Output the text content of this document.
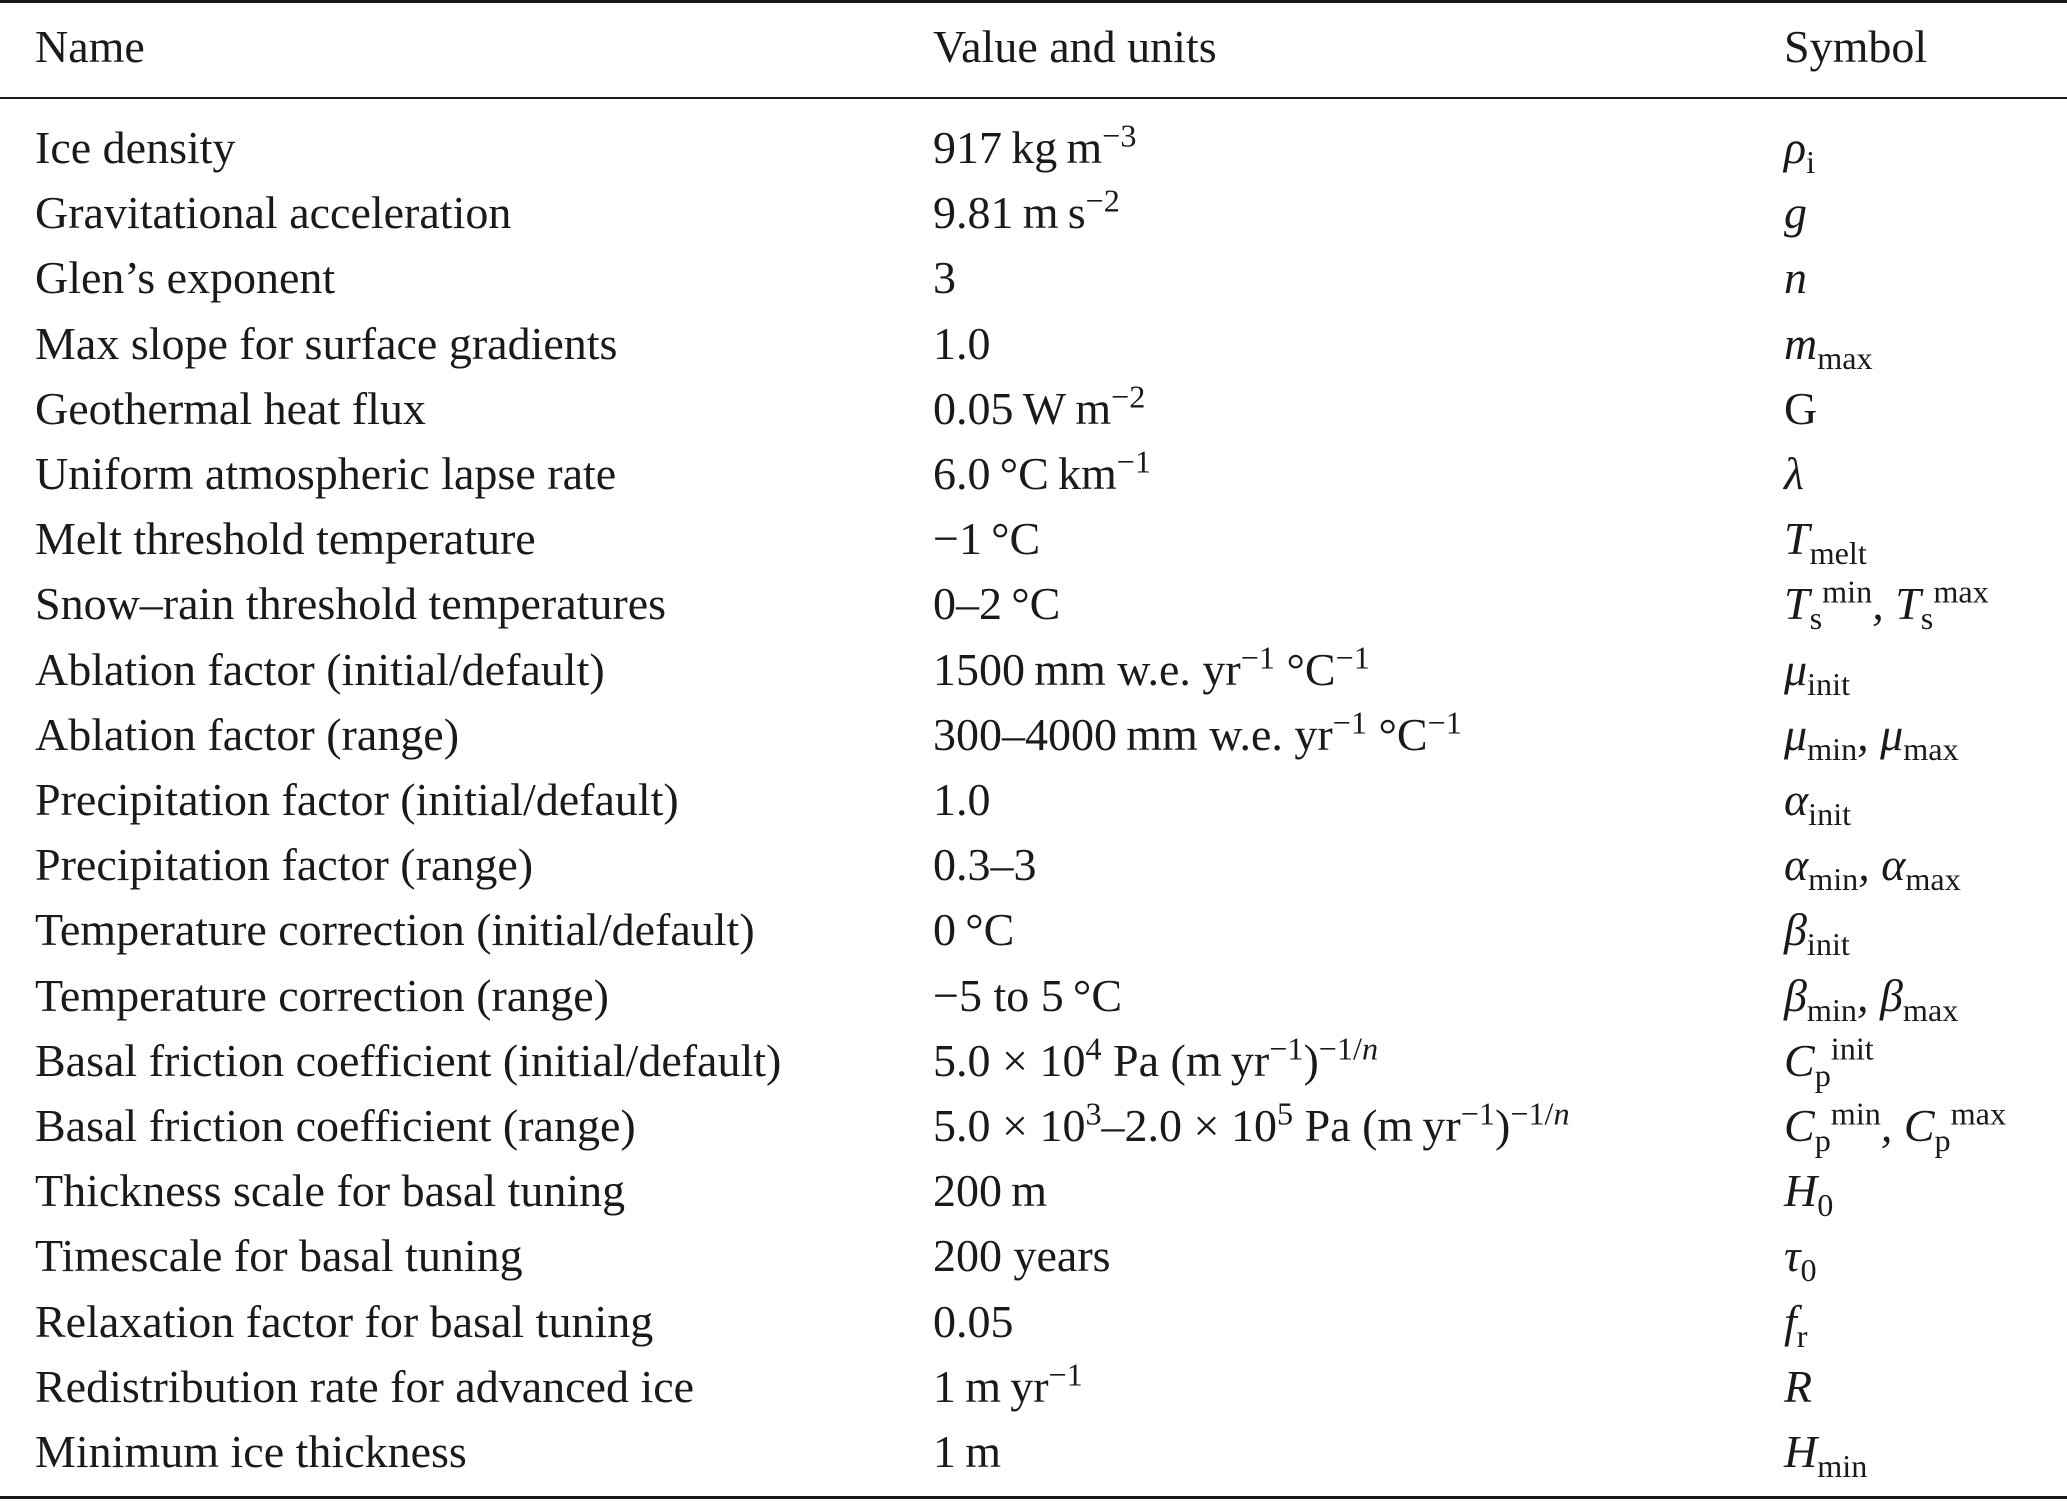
Name	Value and units	Symbol
Ice density	917 kg $m^{-3}$	$\rho_i$
Gravitational acceleration	9.81 m $s^{-2}$	g
Glen’s exponent	3	n
Max slope for surface gradients	1.0	$m_{max}$
Geothermal heat flux	0.05 W $m^{-2}$	G
Uniform atmospheric lapse rate	6.0 °C $km^{-1}$	λ
Melt threshold temperature	−1 °C	$T_{melt}$
Snow–rain threshold temperatures	0–2 °C	$T_s^{min}$, $T_s^{max}$
Ablation factor (initial/default)	1500 mm w.e. $yr^{-1}$ $^\circ C^{-1}$	$\mu_{init}$
Ablation factor (range)	300–4000 mm w.e. $yr^{-1}$ $^\circ C^{-1}$	$\mu_{min}$, $\mu_{max}$
Precipitation factor (initial/default)	1.0	$\alpha_{init}$
Precipitation factor (range)	0.3–3	$\alpha_{min}$, $\alpha_{max}$
Temperature correction (initial/default)	0 °C	$\beta_{init}$
Temperature correction (range)	−5 to 5 °C	$\beta_{min}$, $\beta_{max}$
Basal friction coefficient (initial/default)	$5.0 \times 10^4$ Pa (m $yr^{-1})^{-1/n}$	$C_p^{init}$
Basal friction coefficient (range)	$5.0 \times 10^3-2.0 \times 10^5$ Pa (m $yr^{-1})^{-1/n}$	$C_p^{min}$, $C_p^{max}$
Thickness scale for basal tuning	200 m	$H_0$
Timescale for basal tuning	200 years	$\tau_0$
Relaxation factor for basal tuning	0.05	$f_r$
Redistribution rate for advanced ice	1 m $yr^{-1}$	R
Minimum ice thickness	1 m	$H_{min}$
